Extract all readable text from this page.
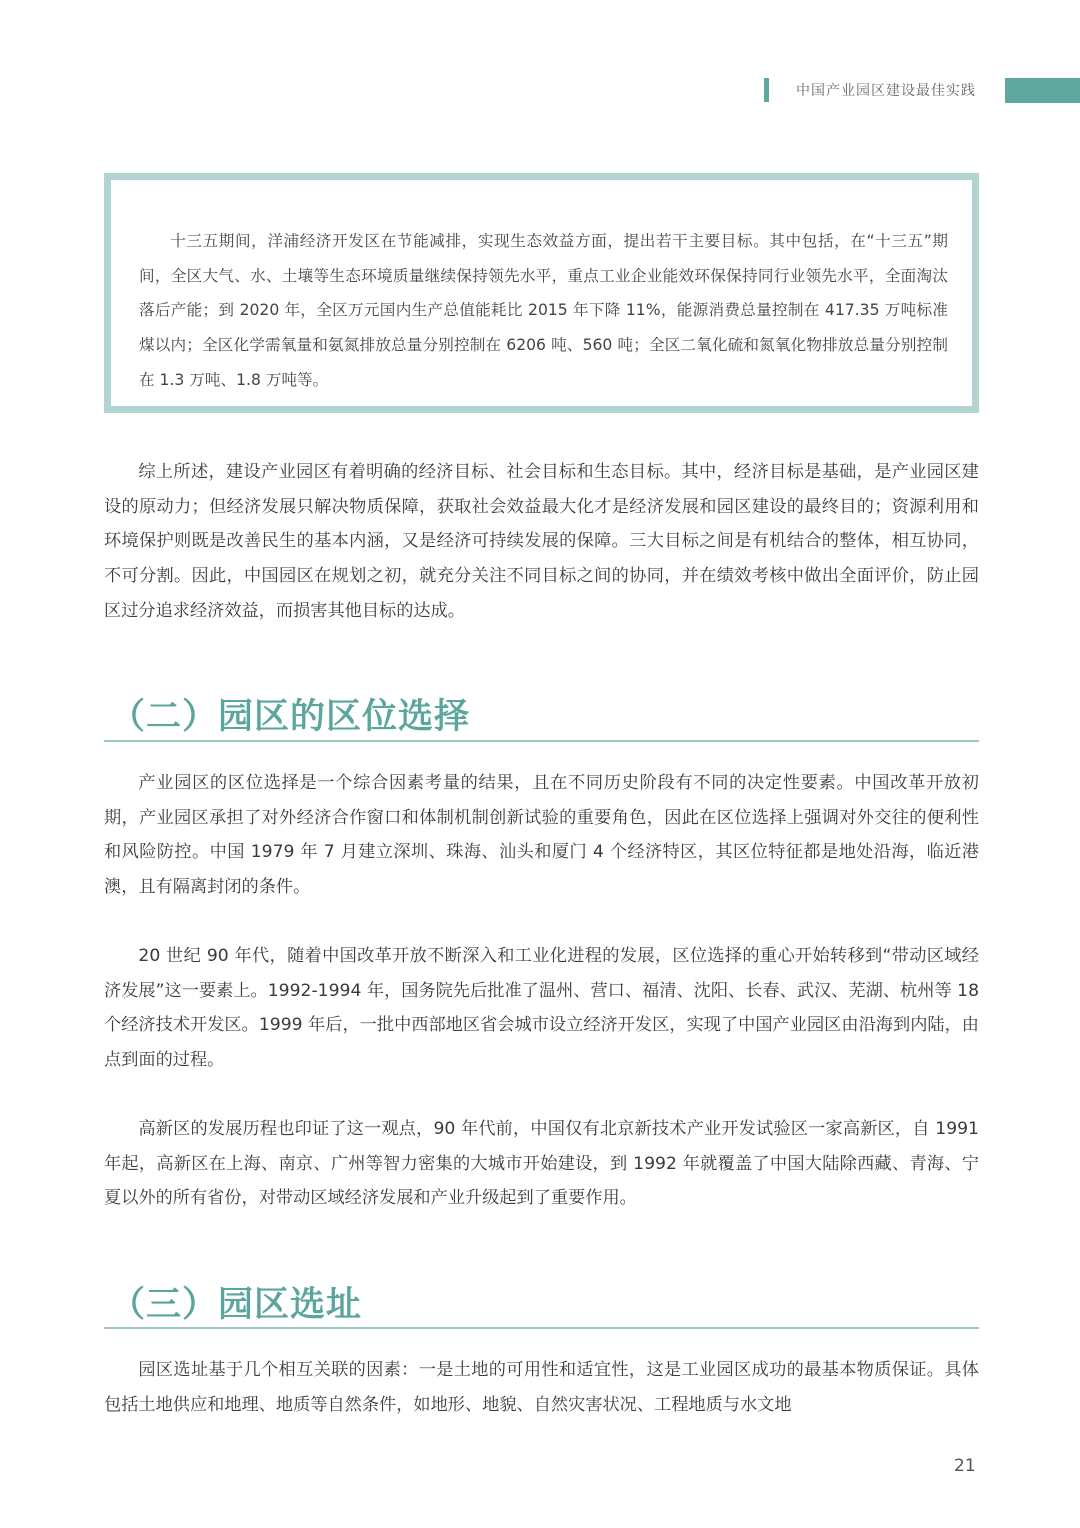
中国产业园区建设最佳实践

十三五期间，洋浦经济开发区在节能减排，实现生态效益方面，提出若干主要目标。其中包括，在“十三五”期间，全区大气、水、土壤等生态环境质量继续保持领先水平，重点工业企业能效环保保持同行业领先水平，全面淘汰落后产能；到 2020 年，全区万元国内生产总值能耗比 2015 年下降 11%，能源消费总量控制在 417.35 万吨标准煤以内；全区化学需氧量和氨氮排放总量分别控制在 6206 吨、560 吨；全区二氧化硫和氮氧化物排放总量分别控制在 1.3 万吨、1.8 万吨等。

综上所述，建设产业园区有着明确的经济目标、社会目标和生态目标。其中，经济目标是基础，是产业园区建设的原动力；但经济发展只解决物质保障，获取社会效益最大化才是经济发展和园区建设的最终目的；资源利用和环境保护则既是改善民生的基本内涵，又是经济可持续发展的保障。三大目标之间是有机结合的整体，相互协同，不可分割。因此，中国园区在规划之初，就充分关注不同目标之间的协同，并在绩效考核中做出全面评价，防止园区过分追求经济效益，而损害其他目标的达成。

（二）园区的区位选择

产业园区的区位选择是一个综合因素考量的结果，且在不同历史阶段有不同的决定性要素。中国改革开放初期，产业园区承担了对外经济合作窗口和体制机制创新试验的重要角色，因此在区位选择上强调对外交往的便利性和风险防控。中国 1979 年 7 月建立深圳、珠海、汕头和厦门 4 个经济特区，其区位特征都是地处沿海，临近港澳，且有隔离封闭的条件。

20 世纪 90 年代，随着中国改革开放不断深入和工业化进程的发展，区位选择的重心开始转移到“带动区域经济发展”这一要素上。1992-1994 年，国务院先后批准了温州、营口、福清、沈阳、长春、武汉、芜湖、杭州等 18 个经济技术开发区。1999 年后，一批中西部地区省会城市设立经济开发区，实现了中国产业园区由沿海到内陆，由点到面的过程。

高新区的发展历程也印证了这一观点，90 年代前，中国仅有北京新技术产业开发试验区一家高新区，自 1991 年起，高新区在上海、南京、广州等智力密集的大城市开始建设，到 1992 年就覆盖了中国大陆除西藏、青海、宁夏以外的所有省份，对带动区域经济发展和产业升级起到了重要作用。

（三）园区选址

园区选址基于几个相互关联的因素：一是土地的可用性和适宜性，这是工业园区成功的最基本物质保证。具体包括土地供应和地理、地质等自然条件，如地形、地貌、自然灾害状况、工程地质与水文地

21
